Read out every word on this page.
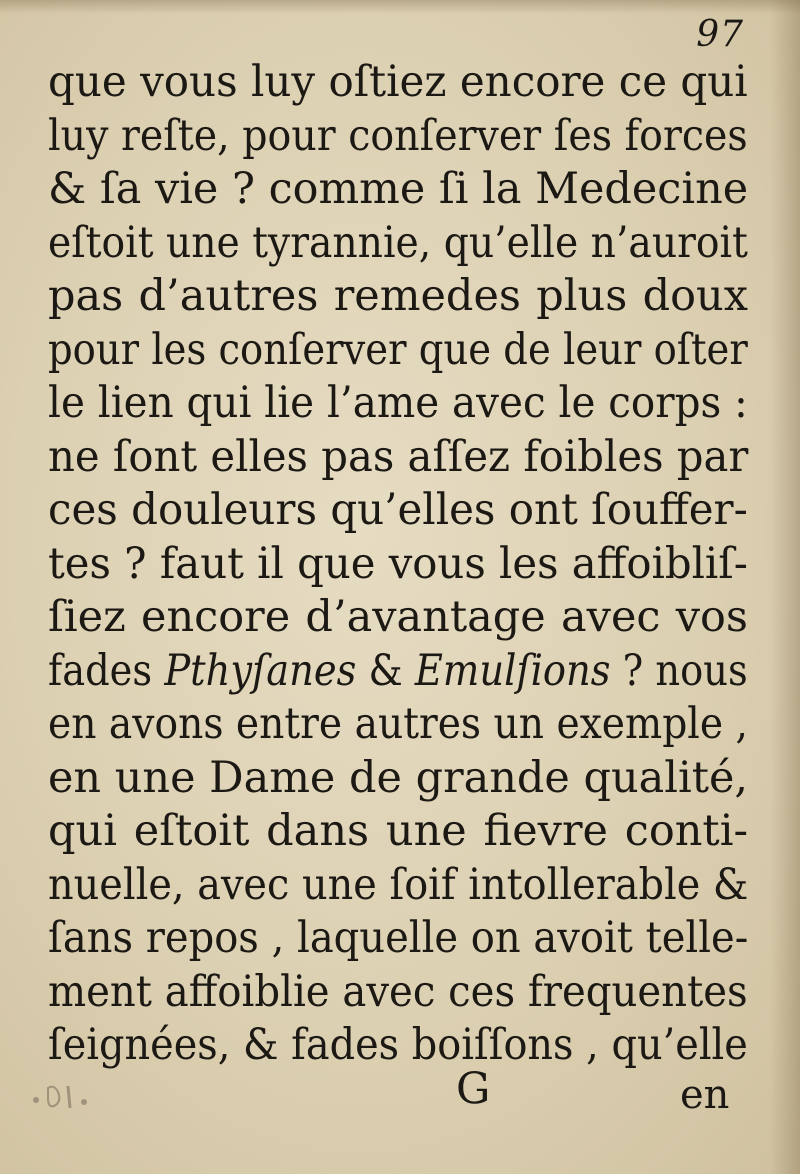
97
que vous luy oſtiez encore ce qui
luy reſte, pour conſerver ſes forces
& ſa vie ? comme ſi la Medecine
eſtoit une tyrannie, qu’elle n’auroit
pas d’autres remedes plus doux
pour les conſerver que de leur oſter
le lien qui lie l’ame avec le corps :
ne ſont elles pas aſſez foibles par
ces douleurs qu’elles ont ſouffer-
tes ? faut il que vous les affoibliſ-
ſiez encore d’avantage avec vos
fades Pthyſanes & Emulſions ? nous
en avons entre autres un exemple ,
en une Dame de grande qualité,
qui eſtoit dans une fievre conti-
nuelle, avec une ſoif intollerable &
ſans repos , laquelle on avoit telle-
ment affoiblie avec ces frequentes
ſeignées, & fades boiſſons , qu’elle
G	en
